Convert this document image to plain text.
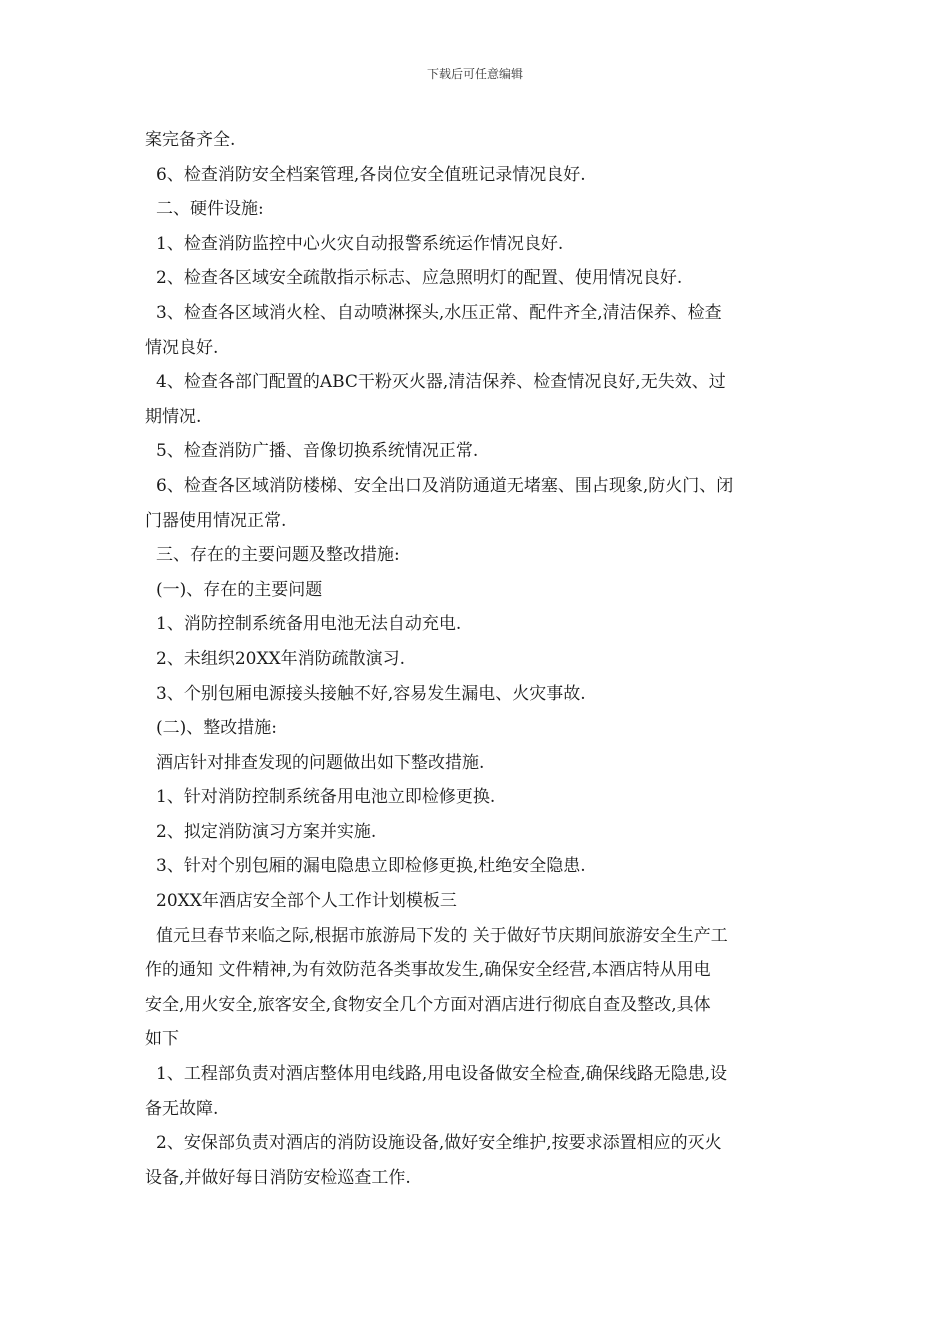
下载后可任意编辑
案完备齐全.
6、检查消防安全档案管理,各岗位安全值班记录情况良好.
二、硬件设施:
1、检查消防监控中心火灾自动报警系统运作情况良好.
2、检查各区域安全疏散指示标志、应急照明灯的配置、使用情况良好.
3、检查各区域消火栓、自动喷淋探头,水压正常、配件齐全,清洁保养、检查
情况良好.
4、检查各部门配置的ABC干粉灭火器,清洁保养、检查情况良好,无失效、过
期情况.
5、检查消防广播、音像切换系统情况正常.
6、检查各区域消防楼梯、安全出口及消防通道无堵塞、围占现象,防火门、闭
门器使用情况正常.
三、存在的主要问题及整改措施:
(一)、存在的主要问题
1、消防控制系统备用电池无法自动充电.
2、未组织20XX年消防疏散演习.
3、个别包厢电源接头接触不好,容易发生漏电、火灾事故.
(二)、整改措施:
酒店针对排查发现的问题做出如下整改措施.
1、针对消防控制系统备用电池立即检修更换.
2、拟定消防演习方案并实施.
3、针对个别包厢的漏电隐患立即检修更换,杜绝安全隐患.
20XX年酒店安全部个人工作计划模板三
值元旦春节来临之际,根据市旅游局下发的 关于做好节庆期间旅游安全生产工
作的通知 文件精神,为有效防范各类事故发生,确保安全经营,本酒店特从用电
安全,用火安全,旅客安全,食物安全几个方面对酒店进行彻底自查及整改,具体
如下
1、工程部负责对酒店整体用电线路,用电设备做安全检查,确保线路无隐患,设
备无故障.
2、安保部负责对酒店的消防设施设备,做好安全维护,按要求添置相应的灭火
设备,并做好每日消防安检巡查工作.
